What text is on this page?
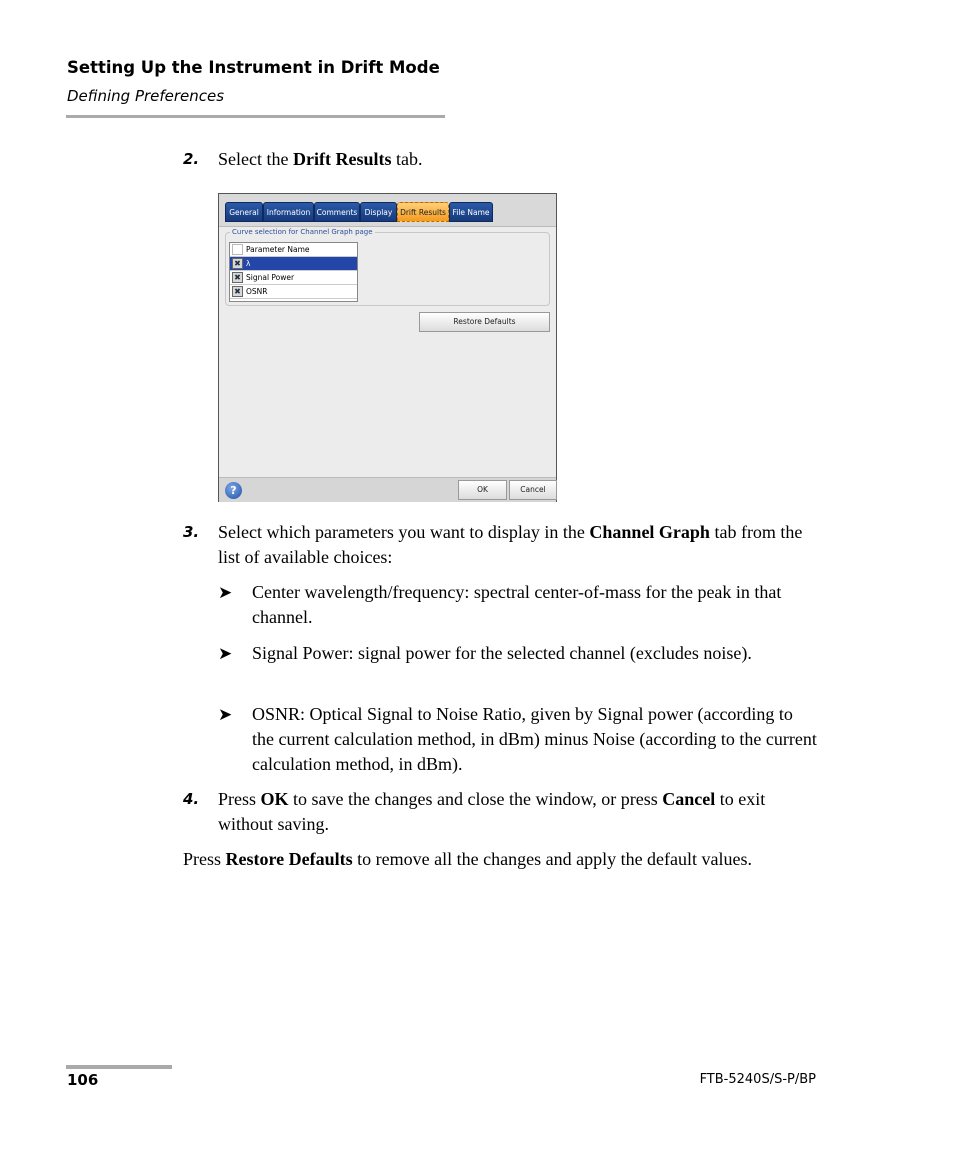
Setting Up the Instrument in Drift Mode
Defining Preferences
2. Select the Drift Results tab.
General	Information Comments Display	Drift Results File Name
Curve selection for Channel Graph page
Parameter Name
✖ λ
✖ Signal Power
✖ OSNR
Restore Defaults
?	OK	Cancel
3. Select which parameters you want to display in the Channel Graph tab from the list of available choices:
➤ Center wavelength/frequency: spectral center-of-mass for the peak in that channel.
➤ Signal Power: signal power for the selected channel (excludes noise).
➤ OSNR: Optical Signal to Noise Ratio, given by Signal power (according to the current calculation method, in dBm) minus Noise (according to the current calculation method, in dBm).
4. Press OK to save the changes and close the window, or press Cancel to exit without saving.
Press Restore Defaults to remove all the changes and apply the default values.
106	FTB-5240S/S-P/BP
